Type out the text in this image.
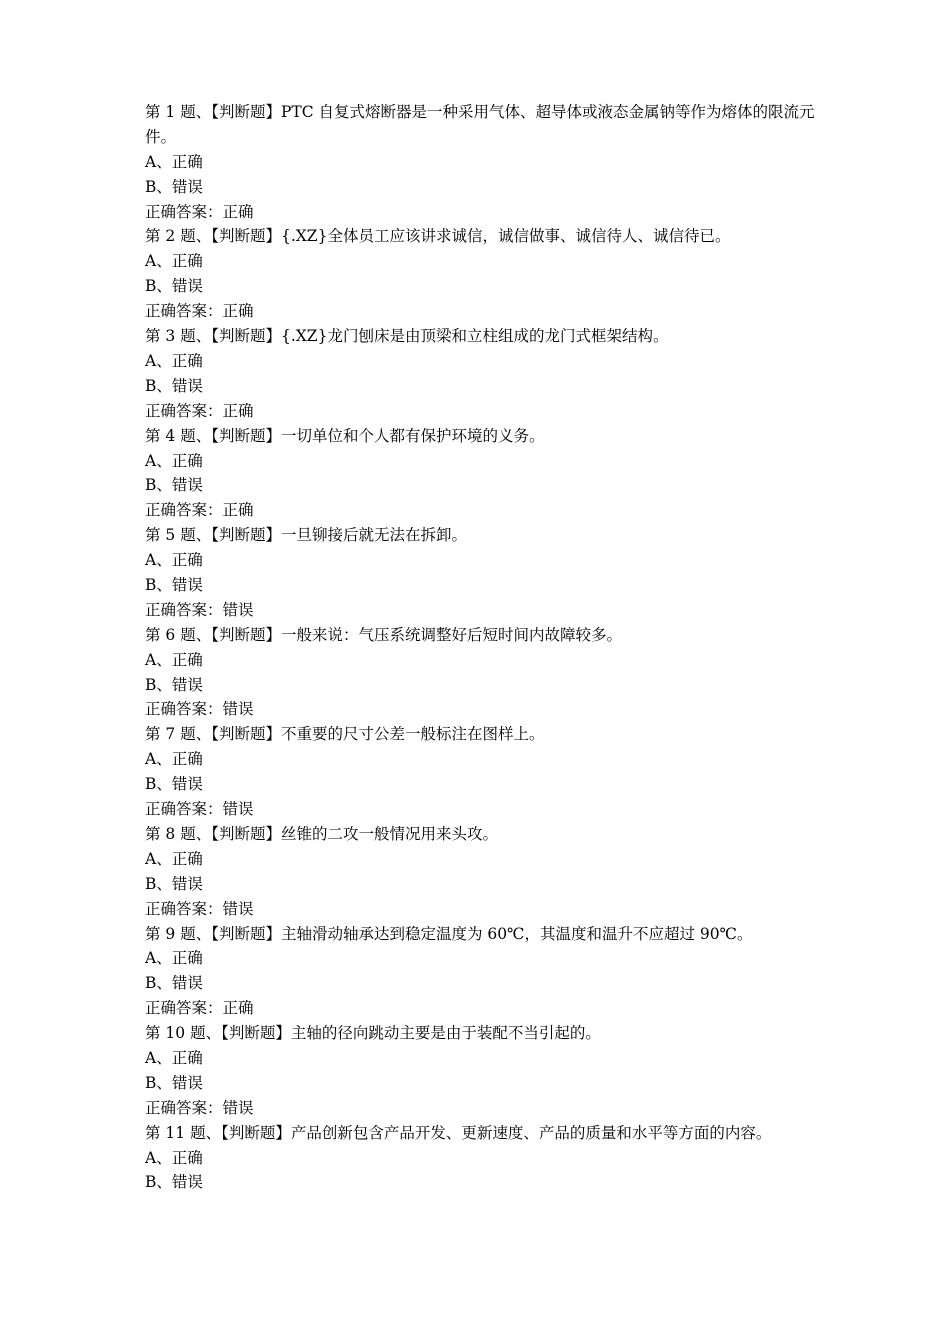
第 1 题、【判断题】PTC 自复式熔断器是一种采用气体、超导体或液态金属钠等作为熔体的限流元件。
A、正确
B、错误
正确答案：正确
第 2 题、【判断题】{.XZ}全体员工应该讲求诚信，诚信做事、诚信待人、诚信待已。
A、正确
B、错误
正确答案：正确
第 3 题、【判断题】{.XZ}龙门刨床是由顶梁和立柱组成的龙门式框架结构。
A、正确
B、错误
正确答案：正确
第 4 题、【判断题】一切单位和个人都有保护环境的义务。
A、正确
B、错误
正确答案：正确
第 5 题、【判断题】一旦铆接后就无法在拆卸。
A、正确
B、错误
正确答案：错误
第 6 题、【判断题】一般来说：气压系统调整好后短时间内故障较多。
A、正确
B、错误
正确答案：错误
第 7 题、【判断题】不重要的尺寸公差一般标注在图样上。
A、正确
B、错误
正确答案：错误
第 8 题、【判断题】丝锥的二攻一般情况用来头攻。
A、正确
B、错误
正确答案：错误
第 9 题、【判断题】主轴滑动轴承达到稳定温度为 60℃，其温度和温升不应超过 90℃。
A、正确
B、错误
正确答案：正确
第 10 题、【判断题】主轴的径向跳动主要是由于装配不当引起的。
A、正确
B、错误
正确答案：错误
第 11 题、【判断题】产品创新包含产品开发、更新速度、产品的质量和水平等方面的内容。
A、正确
B、错误
